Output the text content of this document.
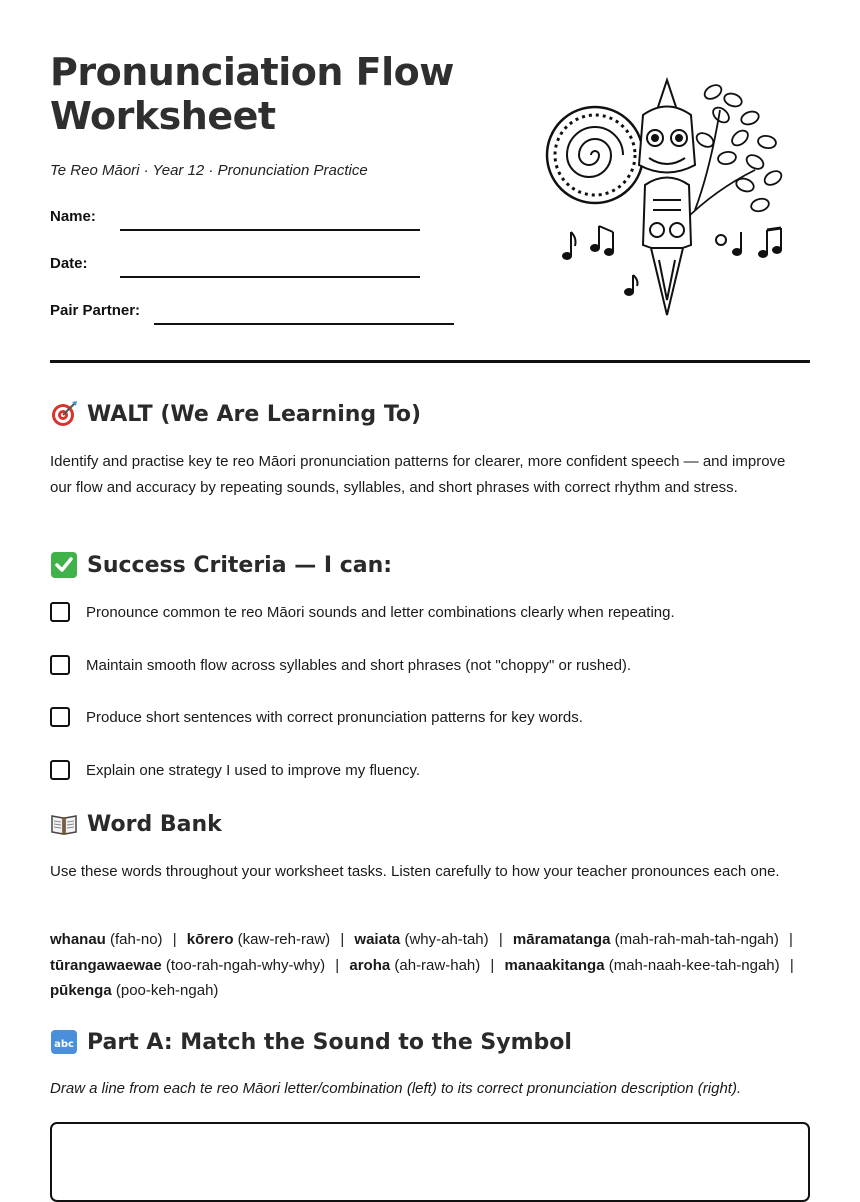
Pronunciation Flow
Worksheet
Te Reo Māori · Year 12 · Pronunciation Practice
Name:
Date:
Pair Partner:
WALT (We Are Learning To)

Identify and practise key te reo Māori pronunciation patterns for clearer, more confident speech — and improve our flow and accuracy by repeating sounds, syllables, and short phrases with correct rhythm and stress.

Success Criteria — I can:
Pronounce common te reo Māori sounds and letter combinations clearly when repeating.
Maintain smooth flow across syllables and short phrases (not "choppy" or rushed).
Produce short sentences with correct pronunciation patterns for key words.
Explain one strategy I used to improve my fluency.
Word Bank

Use these words throughout your worksheet tasks. Listen carefully to how your teacher pronounces each one.

whanau (fah-no) | kōrero (kaw-reh-raw) | waiata (why-ah-tah) | māramatanga (mah-rah-mah-tah-ngah) | tūrangawaewae (too-rah-ngah-why-why) | aroha (ah-raw-hah) | manaakitanga (mah-naah-kee-tah-ngah) | pūkenga (poo-keh-ngah)

abc Part A: Match the Sound to the Symbol
Draw a line from each te reo Māori letter/combination (left) to its correct pronunciation description (right).
